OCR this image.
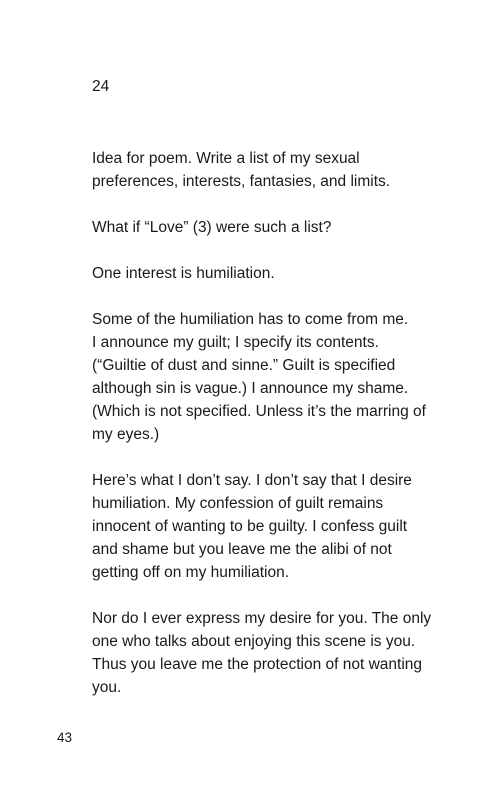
24

Idea for poem. Write a list of my sexual
preferences, interests, fantasies, and limits.

What if “Love” (3) were such a list?

One interest is humiliation.

Some of the humiliation has to come from me.
I announce my guilt; I specify its contents.
(“Guiltie of dust and sinne.” Guilt is specified
although sin is vague.) I announce my shame.
(Which is not specified. Unless it’s the marring of
my eyes.)

Here’s what I don’t say. I don’t say that I desire
humiliation. My confession of guilt remains
innocent of wanting to be guilty. I confess guilt
and shame but you leave me the alibi of not
getting off on my humiliation.

Nor do I ever express my desire for you. The only
one who talks about enjoying this scene is you.
Thus you leave me the protection of not wanting
you.

43
